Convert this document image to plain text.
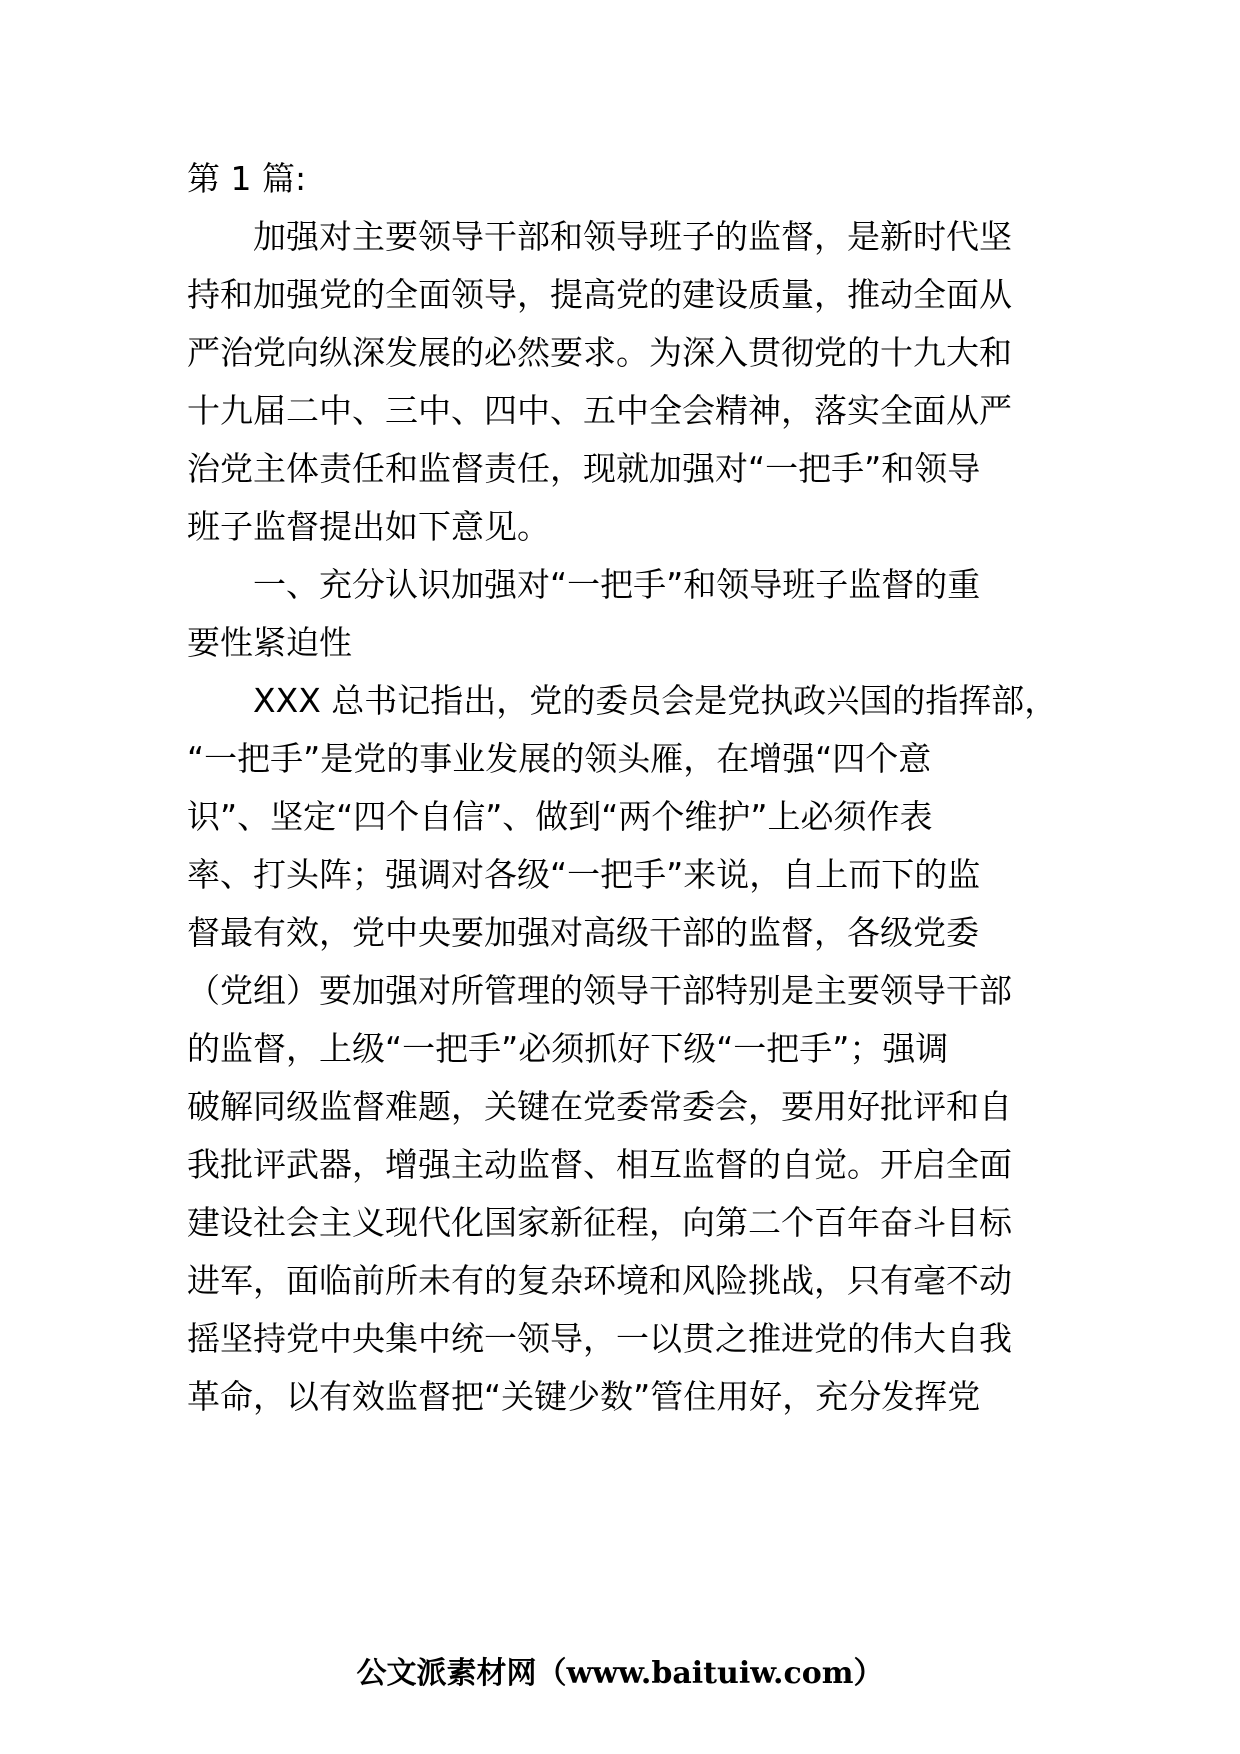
第 1 篇:
　　加强对主要领导干部和领导班子的监督，是新时代坚
持和加强党的全面领导，提高党的建设质量，推动全面从
严治党向纵深发展的必然要求。为深入贯彻党的十九大和
十九届二中、三中、四中、五中全会精神，落实全面从严
治党主体责任和监督责任，现就加强对“一把手”和领导
班子监督提出如下意见。
　　一、充分认识加强对“一把手”和领导班子监督的重
要性紧迫性
　　XXX 总书记指出，党的委员会是党执政兴国的指挥部，
“一把手”是党的事业发展的领头雁，在增强“四个意
识”、坚定“四个自信”、做到“两个维护”上必须作表
率、打头阵；强调对各级“一把手”来说，自上而下的监
督最有效，党中央要加强对高级干部的监督，各级党委
（党组）要加强对所管理的领导干部特别是主要领导干部
的监督，上级“一把手”必须抓好下级“一把手”；强调
破解同级监督难题，关键在党委常委会，要用好批评和自
我批评武器，增强主动监督、相互监督的自觉。开启全面
建设社会主义现代化国家新征程，向第二个百年奋斗目标
进军，面临前所未有的复杂环境和风险挑战，只有毫不动
摇坚持党中央集中统一领导，一以贯之推进党的伟大自我
革命，以有效监督把“关键少数”管住用好，充分发挥党
公文派素材网（www.baituiw.com）
